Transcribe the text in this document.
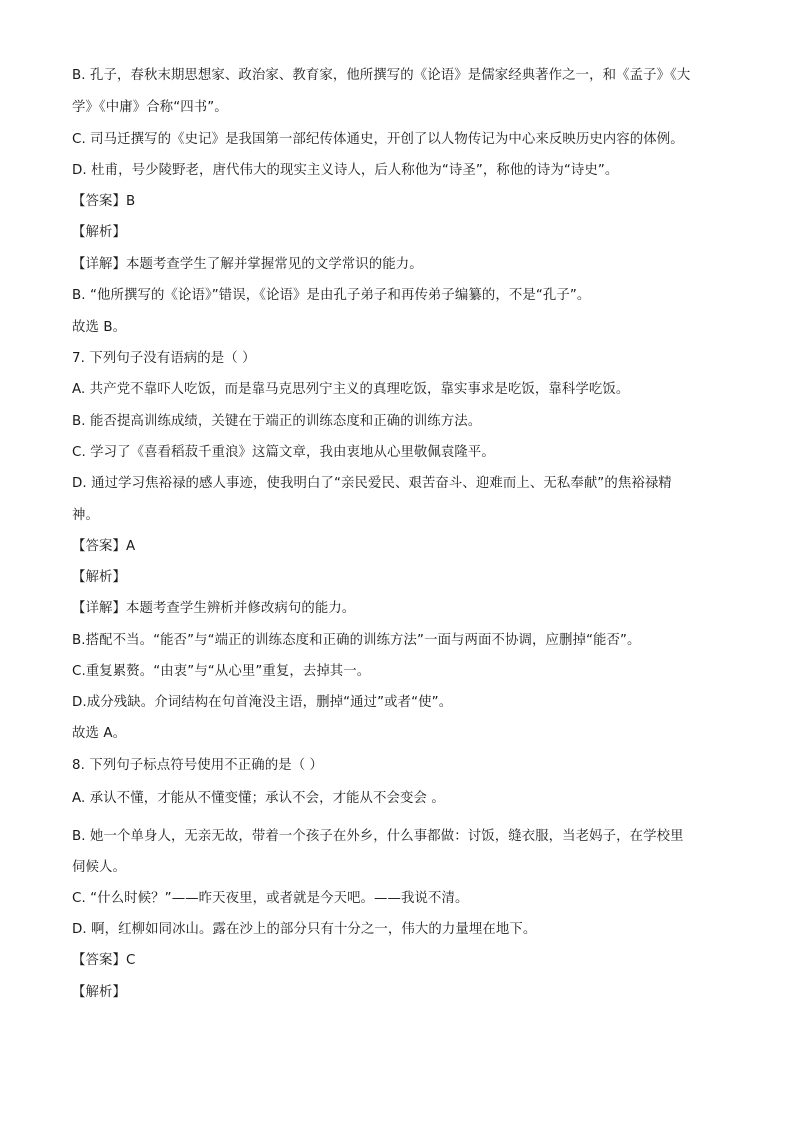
B. 孔子，春秋末期思想家、政治家、教育家，他所撰写的《论语》是儒家经典著作之一，和《孟子》《大
学》《中庸》合称“四书”。
C. 司马迁撰写的《史记》是我国第一部纪传体通史，开创了以人物传记为中心来反映历史内容的体例。
D. 杜甫，号少陵野老，唐代伟大的现实主义诗人，后人称他为“诗圣”，称他的诗为“诗史”。
【答案】B
【解析】
【详解】本题考查学生了解并掌握常见的文学常识的能力。
B. “他所撰写的《论语》”错误，《论语》是由孔子弟子和再传弟子编纂的，不是“孔子”。
故选 B。
7. 下列句子没有语病的是（ ）
A. 共产党不靠吓人吃饭，而是靠马克思列宁主义的真理吃饭，靠实事求是吃饭，靠科学吃饭。
B. 能否提高训练成绩，关键在于端正的训练态度和正确的训练方法。
C. 学习了《喜看稻菽千重浪》这篇文章，我由衷地从心里敬佩袁隆平。
D. 通过学习焦裕禄的感人事迹，使我明白了“亲民爱民、艰苦奋斗、迎难而上、无私奉献”的焦裕禄精
神。
【答案】A
【解析】
【详解】本题考查学生辨析并修改病句的能力。
B.搭配不当。“能否”与“端正的训练态度和正确的训练方法”一面与两面不协调，应删掉“能否”。
C.重复累赘。“由衷”与“从心里”重复，去掉其一。
D.成分残缺。介词结构在句首淹没主语，删掉“通过”或者“使”。
故选 A。
8. 下列句子标点符号使用不正确的是（ ）
A. 承认不懂，才能从不懂变懂；承认不会，才能从不会变会 。
B. 她一个单身人，无亲无故，带着一个孩子在外乡，什么事都做：讨饭，缝衣服，当老妈子，在学校里
伺候人。
C. “什么时候？”——昨天夜里，或者就是今天吧。——我说不清。
D. 啊，红柳如同冰山。露在沙上的部分只有十分之一，伟大的力量埋在地下。
【答案】C
【解析】
